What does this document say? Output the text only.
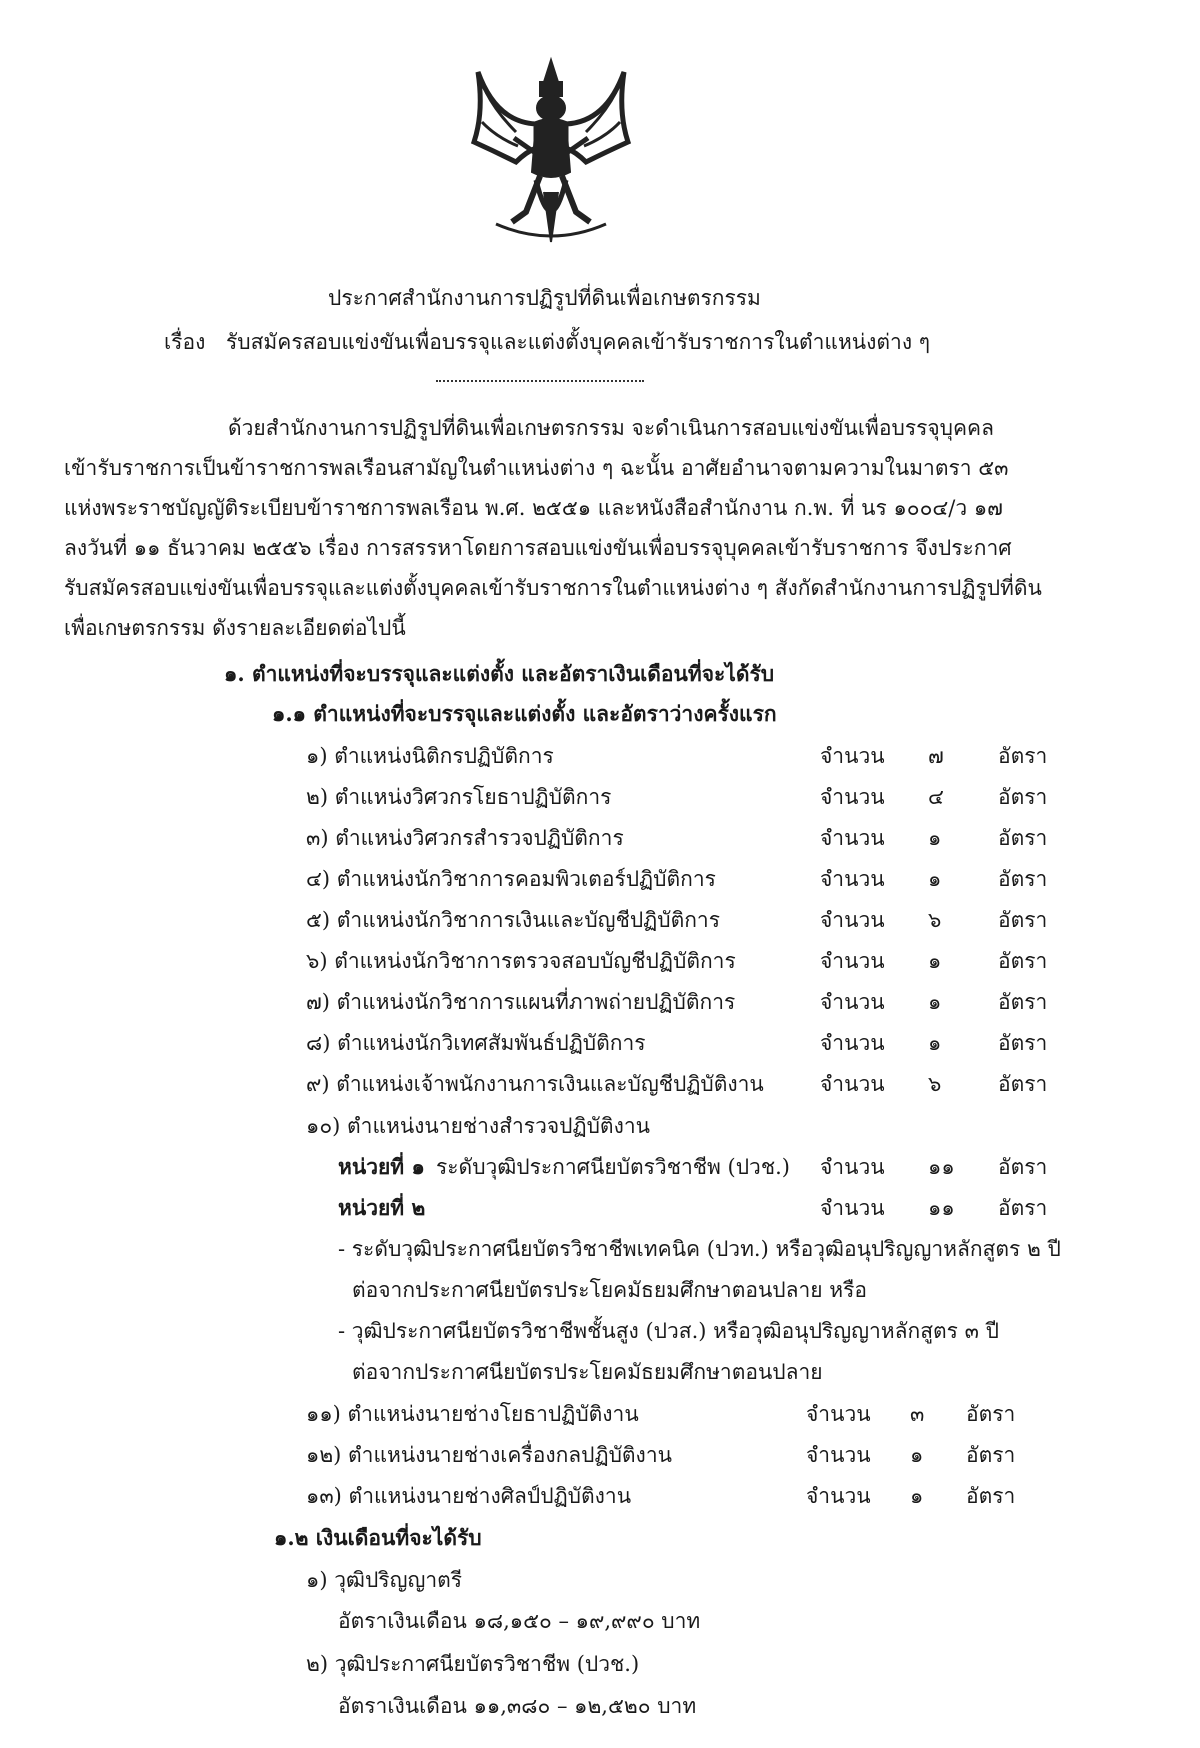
ประกาศสำนักงานการปฏิรูปที่ดินเพื่อเกษตรกรรม
เรื่อง รับสมัครสอบแข่งขันเพื่อบรรจุและแต่งตั้งบุคคลเข้ารับราชการในตำแหน่งต่าง ๆ
ด้วยสำนักงานการปฏิรูปที่ดินเพื่อเกษตรกรรม จะดำเนินการสอบแข่งขันเพื่อบรรจุบุคคล
เข้ารับราชการเป็นข้าราชการพลเรือนสามัญในตำแหน่งต่าง ๆ ฉะนั้น อาศัยอำนาจตามความในมาตรา ๕๓
แห่งพระราชบัญญัติระเบียบข้าราชการพลเรือน พ.ศ. ๒๕๕๑ และหนังสือสำนักงาน ก.พ. ที่ นร ๑๐๐๔/ว ๑๗
ลงวันที่ ๑๑ ธันวาคม ๒๕๕๖ เรื่อง การสรรหาโดยการสอบแข่งขันเพื่อบรรจุบุคคลเข้ารับราชการ จึงประกาศ
รับสมัครสอบแข่งขันเพื่อบรรจุและแต่งตั้งบุคคลเข้ารับราชการในตำแหน่งต่าง ๆ สังกัดสำนักงานการปฏิรูปที่ดิน
เพื่อเกษตรกรรม ดังรายละเอียดต่อไปนี้
๑. ตำแหน่งที่จะบรรจุและแต่งตั้ง และอัตราเงินเดือนที่จะได้รับ
๑.๑ ตำแหน่งที่จะบรรจุและแต่งตั้ง และอัตราว่างครั้งแรก
๑) ตำแหน่งนิติกรปฏิบัติการ	จำนวน ๗	อัตรา
๒) ตำแหน่งวิศวกรโยธาปฏิบัติการ	จำนวน ๔	อัตรา
๓) ตำแหน่งวิศวกรสำรวจปฏิบัติการ	จำนวน ๑	อัตรา
๔) ตำแหน่งนักวิชาการคอมพิวเตอร์ปฏิบัติการ	จำนวน ๑	อัตรา
๕) ตำแหน่งนักวิชาการเงินและบัญชีปฏิบัติการ	จำนวน ๖	อัตรา
๖) ตำแหน่งนักวิชาการตรวจสอบบัญชีปฏิบัติการ	จำนวน ๑	อัตรา
๗) ตำแหน่งนักวิชาการแผนที่ภาพถ่ายปฏิบัติการ	จำนวน ๑	อัตรา
๘) ตำแหน่งนักวิเทศสัมพันธ์ปฏิบัติการ	จำนวน ๑	อัตรา
๙) ตำแหน่งเจ้าพนักงานการเงินและบัญชีปฏิบัติงาน	จำนวน ๖	อัตรา
๑๐) ตำแหน่งนายช่างสำรวจปฏิบัติงาน
หน่วยที่ ๑ ระดับวุฒิประกาศนียบัตรวิชาชีพ (ปวช.) จำนวน ๑๑ อัตรา
หน่วยที่ ๒	จำนวน ๑๑ อัตรา
- ระดับวุฒิประกาศนียบัตรวิชาชีพเทคนิค (ปวท.) หรือวุฒิอนุปริญญาหลักสูตร ๒ ปี
ต่อจากประกาศนียบัตรประโยคมัธยมศึกษาตอนปลาย หรือ
- วุฒิประกาศนียบัตรวิชาชีพชั้นสูง (ปวส.) หรือวุฒิอนุปริญญาหลักสูตร ๓ ปี
ต่อจากประกาศนียบัตรประโยคมัธยมศึกษาตอนปลาย
๑๑) ตำแหน่งนายช่างโยธาปฏิบัติงาน	จำนวน ๓ อัตรา
๑๒) ตำแหน่งนายช่างเครื่องกลปฏิบัติงาน	จำนวน ๑ อัตรา
๑๓) ตำแหน่งนายช่างศิลป์ปฏิบัติงาน	จำนวน ๑ อัตรา
๑.๒ เงินเดือนที่จะได้รับ
๑) วุฒิปริญญาตรี
อัตราเงินเดือน ๑๘,๑๕๐ – ๑๙,๙๙๐ บาท
๒) วุฒิประกาศนียบัตรวิชาชีพ (ปวช.)
อัตราเงินเดือน ๑๑,๓๘๐ – ๑๒,๕๒๐ บาท
